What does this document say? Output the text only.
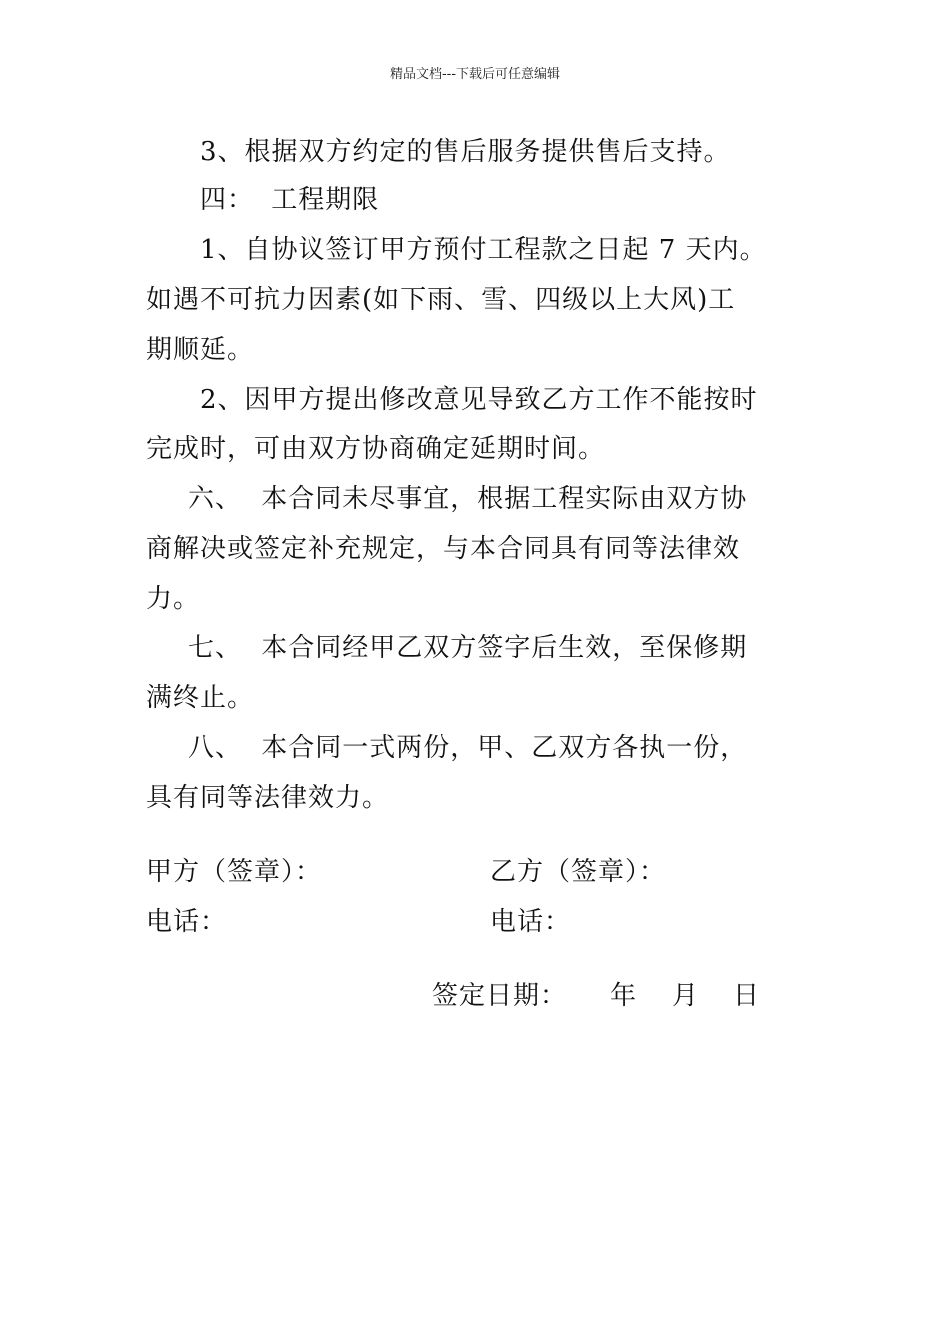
精品文档---下载后可任意编辑
3、根据双方约定的售后服务提供售后支持。
四： 工程期限
1、自协议签订甲方预付工程款之日起 7 天内。
如遇不可抗力因素(如下雨、雪、四级以上大风)工
期顺延。
2、因甲方提出修改意见导致乙方工作不能按时
完成时，可由双方协商确定延期时间。
六、 本合同未尽事宜，根据工程实际由双方协
商解决或签定补充规定，与本合同具有同等法律效
力。
七、 本合同经甲乙双方签字后生效，至保修期
满终止。
八、 本合同一式两份，甲、乙双方各执一份，
具有同等法律效力。
甲方（签章）：	乙方（签章）：
电话：	电话：
签定日期： 年 月 日
